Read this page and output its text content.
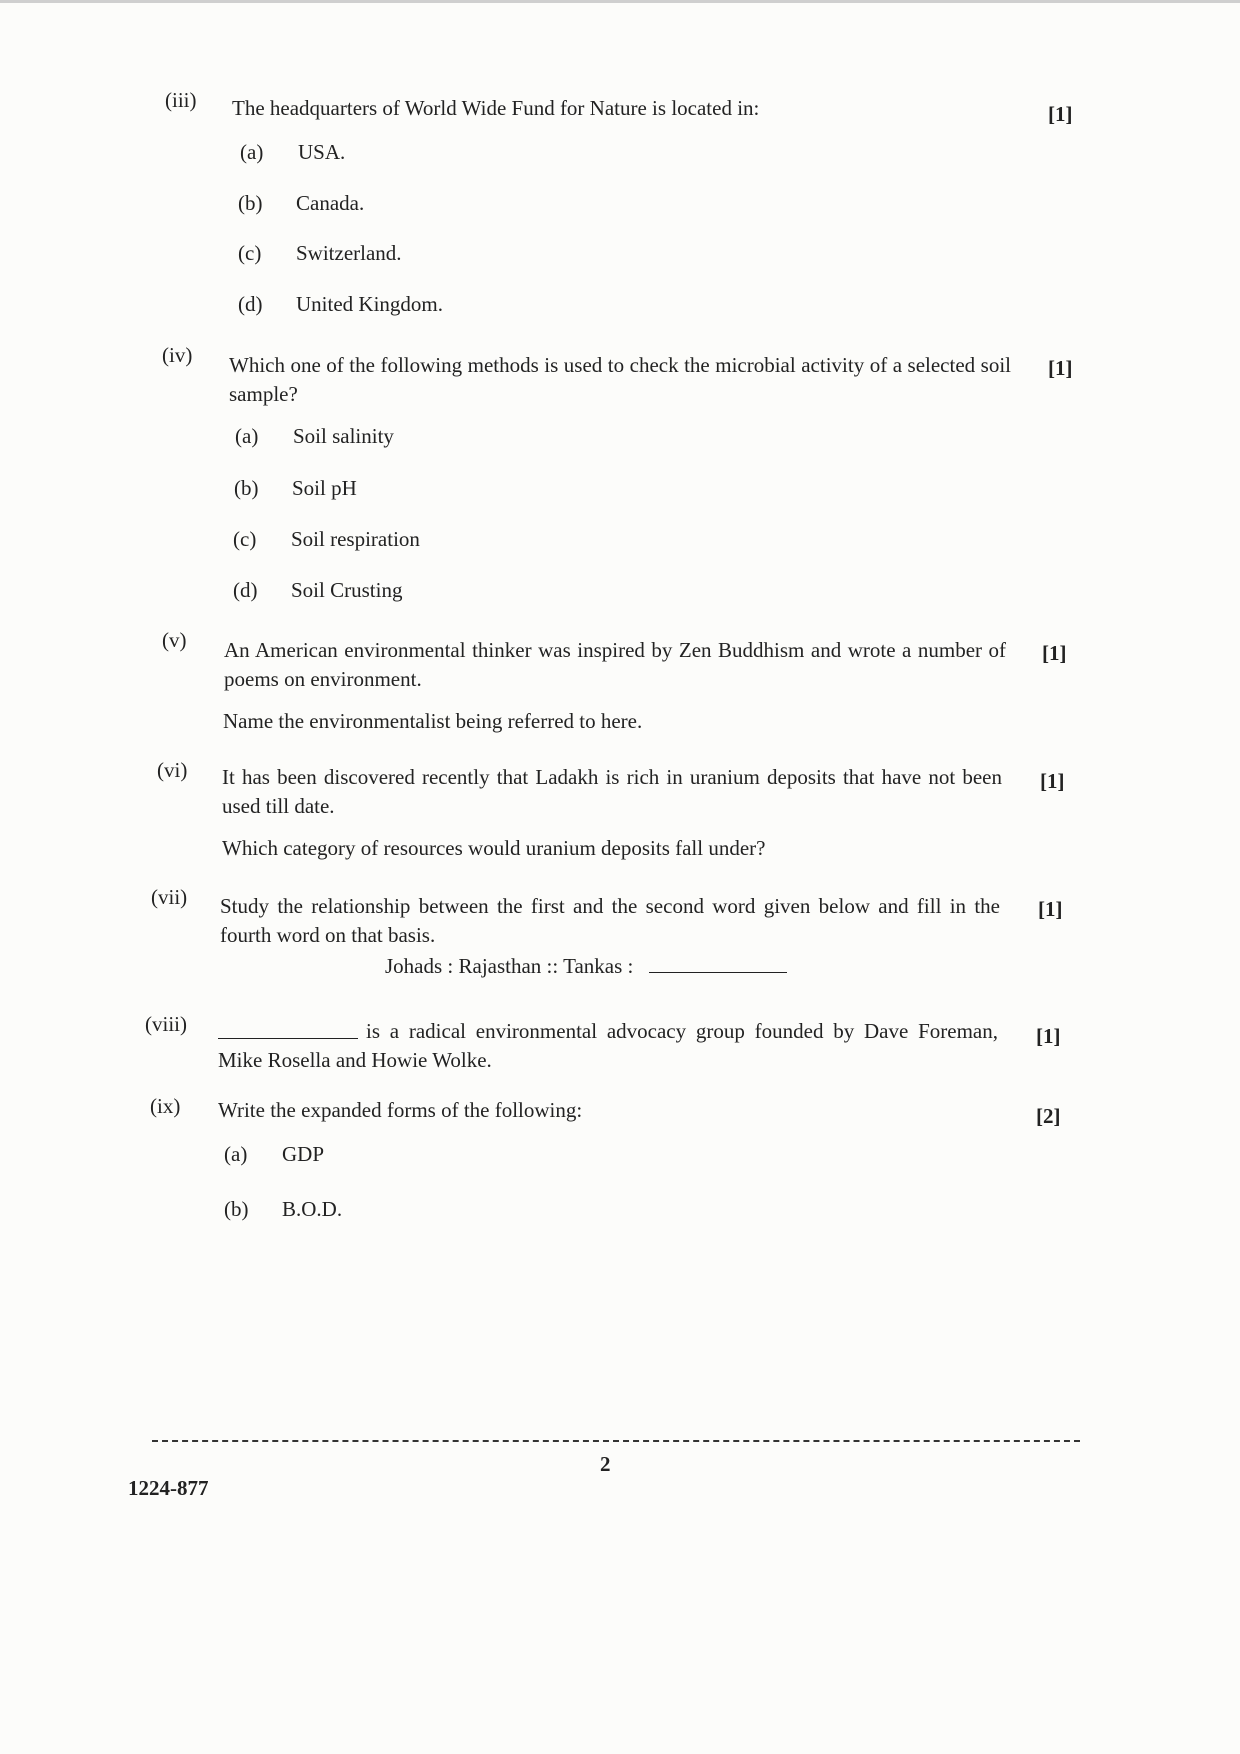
(iii) The headquarters of World Wide Fund for Nature is located in:	[1]
(a) USA.
(b) Canada.
(c) Switzerland.
(d) United Kingdom.
(iv) Which one of the following methods is used to check the microbial activity of a selected soil sample?
[1]
(a) Soil salinity
(b) Soil pH
(c) Soil respiration
(d) Soil Crusting
(v) An American environmental thinker was inspired by Zen Buddhism and wrote a number of poems on environment.
[1]
Name the environmentalist being referred to here.
(vi) It has been discovered recently that Ladakh is rich in uranium deposits that have not been used till date.
[1]
Which category of resources would uranium deposits fall under?
(vii) Study the relationship between the first and the second word given below and fill in the fourth word on that basis.
[1]
Johads : Rajasthan :: Tankas :
(viii)	is a radical environmental advocacy group founded by Dave Foreman, Mike Rosella and Howie Wolke.
[1]
(ix) Write the expanded forms of the following:	[2]
(a) GDP
(b) B.O.D.
2
1224-877
